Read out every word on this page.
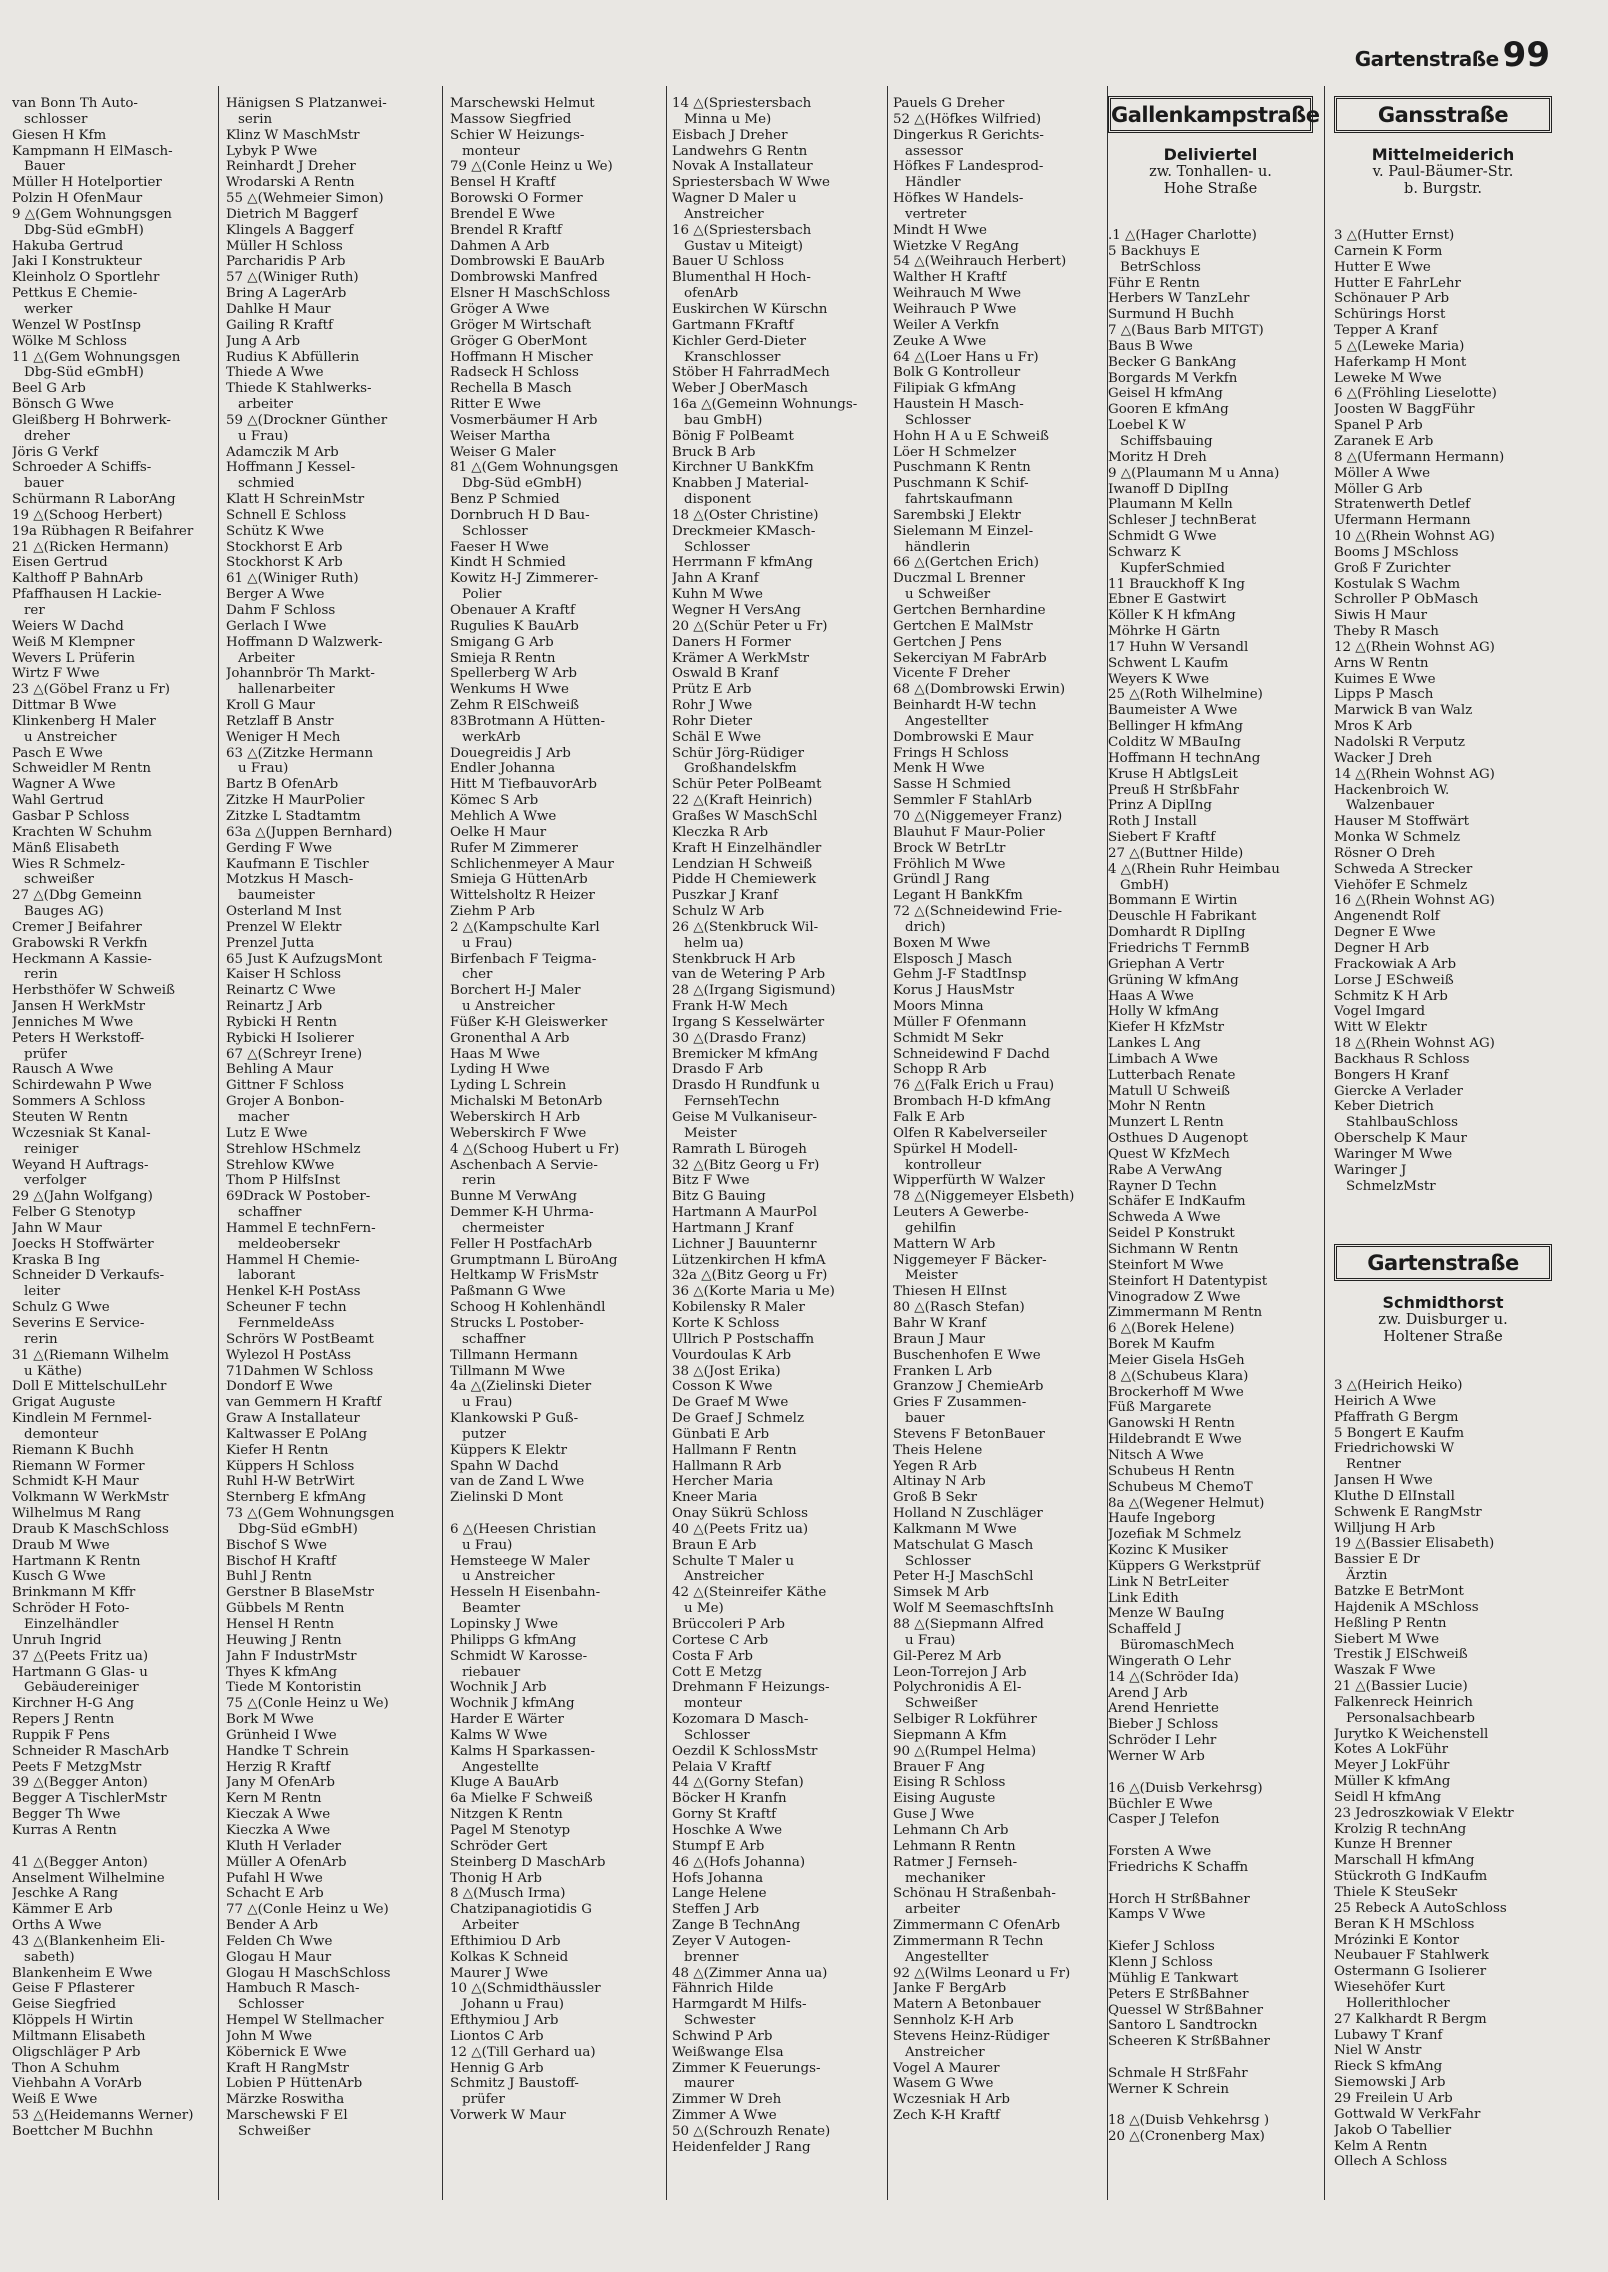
Gartenstraße 99
van Bonn Th Auto-
schlosser
Giesen H Kfm
Kampmann H ElMasch-
Bauer
Müller H Hotelportier
Polzin H OfenMaur
9 △(Gem Wohnungsgen
Dbg-Süd eGmbH)
Hakuba Gertrud
Jaki I Konstrukteur
Kleinholz O Sportlehr
Pettkus E Chemie-
werker
Wenzel W PostInsp
Wölke M Schloss
11 △(Gem Wohnungsgen
Dbg-Süd eGmbH)
Beel G Arb
Bönsch G Wwe
Gleißberg H Bohrwerk-
dreher
Jöris G Verkf
Schroeder A Schiffs-
bauer
Schürmann R LaborAng
19 △(Schoog Herbert)
19a Rübhagen R Beifahrer
21 △(Ricken Hermann)
Eisen Gertrud
Kalthoff P BahnArb
Pfaffhausen H Lackie-
rer
Weiers W Dachd
Weiß M Klempner
Wevers L Prüferin
Wirtz F Wwe
23 △(Göbel Franz u Fr)
Dittmar B Wwe
Klinkenberg H Maler
u Anstreicher
Pasch E Wwe
Schweidler M Rentn
Wagner A Wwe
Wahl Gertrud
Gasbar P Schloss
Krachten W Schuhm
Mänß Elisabeth
Wies R Schmelz-
schweißer
27 △(Dbg Gemeinn
Bauges AG)
Cremer J Beifahrer
Grabowski R Verkfn
Heckmann A Kassie-
rerin
Herbsthöfer W Schweiß
Jansen H WerkMstr
Jenniches M Wwe
Peters H Werkstoff-
prüfer
Rausch A Wwe
Schirdewahn P Wwe
Sommers A Schloss
Steuten W Rentn
Wczesniak St Kanal-
reiniger
Weyand H Auftrags-
verfolger
29 △(Jahn Wolfgang)
Felber G Stenotyp
Jahn W Maur
Joecks H Stoffwärter
Kraska B Ing
Schneider D Verkaufs-
leiter
Schulz G Wwe
Severins E Service-
rerin
31 △(Riemann Wilhelm
u Käthe)
Doll E MittelschulLehr
Grigat Auguste
Kindlein M Fernmel-
demonteur
Riemann K Buchh
Riemann W Former
Schmidt K-H Maur
Volkmann W WerkMstr
Wilhelmus M Rang
Draub K MaschSchloss
Draub M Wwe
Hartmann K Rentn
Kusch G Wwe
Brinkmann M Kffr
Schröder H Foto-
Einzelhändler
Unruh Ingrid
37 △(Peets Fritz ua)
Hartmann G Glas- u
Gebäudereiniger
Kirchner H-G Ang
Repers J Rentn
Ruppik F Pens
Schneider R MaschArb
Peets F MetzgMstr
39 △(Begger Anton)
Begger A TischlerMstr
Begger Th Wwe
Kurras A Rentn
41 △(Begger Anton)
Anselment Wilhelmine
Jeschke A Rang
Kämmer E Arb
Orths A Wwe
43 △(Blankenheim Eli-
sabeth)
Blankenheim E Wwe
Geise F Pflasterer
Geise Siegfried
Klöppels H Wirtin
Miltmann Elisabeth
Oligschläger P Arb
Thon A Schuhm
Viehbahn A VorArb
Weiß E Wwe
53 △(Heidemanns Werner)
Boettcher M Buchhn
Hänigsen S Platzanwei-
serin
Klinz W MaschMstr
Lybyk P Wwe
Reinhardt J Dreher
Wrodarski A Rentn
55 △(Wehmeier Simon)
Dietrich M Baggerf
Klingels A Baggerf
Müller H Schloss
Parcharidis P Arb
57 △(Winiger Ruth)
Bring A LagerArb
Dahlke H Maur
Gailing R Kraftf
Jung A Arb
Rudius K Abfüllerin
Thiede A Wwe
Thiede K Stahlwerks-
arbeiter
59 △(Drockner Günther
u Frau)
Adamczik M Arb
Hoffmann J Kessel-
schmied
Klatt H SchreinMstr
Schnell E Schloss
Schütz K Wwe
Stockhorst E Arb
Stockhorst K Arb
61 △(Winiger Ruth)
Berger A Wwe
Dahm F Schloss
Gerlach I Wwe
Hoffmann D Walzwerk-
Arbeiter
Johannbrör Th Markt-
hallenarbeiter
Kroll G Maur
Retzlaff B Anstr
Weniger H Mech
63 △(Zitzke Hermann
u Frau)
Bartz B OfenArb
Zitzke H MaurPolier
Zitzke L Stadtamtm
63a △(Juppen Bernhard)
Gerding F Wwe
Kaufmann E Tischler
Motzkus H Masch-
baumeister
Osterland M Inst
Prenzel W Elektr
Prenzel Jutta
65 Just K AufzugsMont
Kaiser H Schloss
Reinartz C Wwe
Reinartz J Arb
Rybicki H Rentn
Rybicki H Isolierer
67 △(Schreyr Irene)
Behling A Maur
Gittner F Schloss
Grojer A Bonbon-
macher
Lutz E Wwe
Strehlow HSchmelz
Strehlow KWwe
Thom P HilfsInst
69Drack W Postober-
schaffner
Hammel E technFern-
meldeobersekr
Hammel H Chemie-
laborant
Henkel K-H PostAss
Scheuner F techn
FernmeldeAss
Schrörs W PostBeamt
Wylezol H PostAss
71Dahmen W Schloss
Dondorf E Wwe
van Gemmern H Kraftf
Graw A Installateur
Kaltwasser E PolAng
Kiefer H Rentn
Küppers H Schloss
Ruhl H-W BetrWirt
Sternberg E kfmAng
73 △(Gem Wohnungsgen
Dbg-Süd eGmbH)
Bischof S Wwe
Bischof H Kraftf
Buhl J Rentn
Gerstner B BlaseMstr
Gübbels M Rentn
Hensel H Rentn
Heuwing J Rentn
Jahn F IndustrMstr
Thyes K kfmAng
Tiede M Kontoristin
75 △(Conle Heinz u We)
Bork M Wwe
Grünheid I Wwe
Handke T Schrein
Herzig R Kraftf
Jany M OfenArb
Kern M Rentn
Kieczak A Wwe
Kieczka A Wwe
Kluth H Verlader
Müller A OfenArb
Pufahl H Wwe
Schacht E Arb
77 △(Conle Heinz u We)
Bender A Arb
Felden Ch Wwe
Glogau H Maur
Glogau H MaschSchloss
Hambuch R Masch-
Schlosser
Hempel W Stellmacher
John M Wwe
Köbernick E Wwe
Kraft H RangMstr
Lobien P HüttenArb
Märzke Roswitha
Marschewski F El
Schweißer
Marschewski Helmut
Massow Siegfried
Schier W Heizungs-
monteur
79 △(Conle Heinz u We)
Bensel H Kraftf
Borowski O Former
Brendel E Wwe
Brendel R Kraftf
Dahmen A Arb
Dombrowski E BauArb
Dombrowski Manfred
Elsner H MaschSchloss
Gröger A Wwe
Gröger M Wirtschaft
Gröger G OberMont
Hoffmann H Mischer
Radseck H Schloss
Rechella B Masch
Ritter E Wwe
Vosmerbäumer H Arb
Weiser Martha
Weiser G Maler
81 △(Gem Wohnungsgen
Dbg-Süd eGmbH)
Benz P Schmied
Dornbruch H D Bau-
Schlosser
Faeser H Wwe
Kindt H Schmied
Kowitz H-J Zimmerer-
Polier
Obenauer A Kraftf
Rugulies K BauArb
Smigang G Arb
Smieja R Rentn
Spellerberg W Arb
Wenkums H Wwe
Zehm R ElSchweiß
83Brotmann A Hütten-
werkArb
Douegreidis J Arb
Endler Johanna
Hitt M TiefbauvorArb
Kömec S Arb
Mehlich A Wwe
Oelke H Maur
Rufer M Zimmerer
Schlichenmeyer A Maur
Smieja G HüttenArb
Wittelsholtz R Heizer
Ziehm P Arb
2 △(Kampschulte Karl
u Frau)
Birfenbach F Teigma-
cher
Borchert H-J Maler
u Anstreicher
Füßer K-H Gleiswerker
Gronenthal A Arb
Haas M Wwe
Lyding H Wwe
Lyding L Schrein
Michalski M BetonArb
Weberskirch H Arb
Weberskirch F Wwe
4 △(Schoog Hubert u Fr)
Aschenbach A Servie-
rerin
Bunne M VerwAng
Demmer K-H Uhrma-
chermeister
Feller H PostfachArb
Grumptmann L BüroAng
Heltkamp W FrisMstr
Paßmann G Wwe
Schoog H Kohlenhändl
Strucks L Postober-
schaffner
Tillmann Hermann
Tillmann M Wwe
4a △(Zielinski Dieter
u Frau)
Klankowski P Guß-
putzer
Küppers K Elektr
Spahn W Dachd
van de Zand L Wwe
Zielinski D Mont
6 △(Heesen Christian
u Frau)
Hemsteege W Maler
u Anstreicher
Hesseln H Eisenbahn-
Beamter
Lopinsky J Wwe
Philipps G kfmAng
Schmidt W Karosse-
riebauer
Wochnik J Arb
Wochnik J kfmAng
Harder E Wärter
Kalms W Wwe
Kalms H Sparkassen-
Angestellte
Kluge A BauArb
6a Mielke F Schweiß
Nitzgen K Rentn
Pagel M Stenotyp
Schröder Gert
Steinberg D MaschArb
Thonig H Arb
8 △(Musch Irma)
Chatzipanagiotidis G
Arbeiter
Efthimiou D Arb
Kolkas K Schneid
Maurer J Wwe
10 △(Schmidthäussler
Johann u Frau)
Efthymiou J Arb
Liontos C Arb
12 △(Till Gerhard ua)
Hennig G Arb
Schmitz J Baustoff-
prüfer
Vorwerk W Maur
14 △(Spriestersbach
Minna u Me)
Eisbach J Dreher
Landwehrs G Rentn
Novak A Installateur
Spriestersbach W Wwe
Wagner D Maler u
Anstreicher
16 △(Spriestersbach
Gustav u Miteigt)
Bauer U Schloss
Blumenthal H Hoch-
ofenArb
Euskirchen W Kürschn
Gartmann FKraftf
Kichler Gerd-Dieter
Kranschlosser
Stöber H FahrradMech
Weber J OberMasch
16a △(Gemeinn Wohnungs-
bau GmbH)
Bönig F PolBeamt
Bruck B Arb
Kirchner U BankKfm
Knabben J Material-
disponent
18 △(Oster Christine)
Dreckmeier KMasch-
Schlosser
Herrmann F kfmAng
Jahn A Kranf
Kuhn M Wwe
Wegner H VersAng
20 △(Schür Peter u Fr)
Daners H Former
Krämer A WerkMstr
Oswald B Kranf
Prütz E Arb
Rohr J Wwe
Rohr Dieter
Schäl E Wwe
Schür Jörg-Rüdiger
Großhandelskfm
Schür Peter PolBeamt
22 △(Kraft Heinrich)
Graßes W MaschSchl
Kleczka R Arb
Kraft H Einzelhändler
Lendzian H Schweiß
Pidde H Chemiewerk
Puszkar J Kranf
Schulz W Arb
26 △(Stenkbruck Wil-
helm ua)
Stenkbruck H Arb
van de Wetering P Arb
28 △(Irgang Sigismund)
Frank H-W Mech
Irgang S Kesselwärter
30 △(Drasdo Franz)
Bremicker M kfmAng
Drasdo F Arb
Drasdo H Rundfunk u
FernsehTechn
Geise M Vulkaniseur-
Meister
Ramrath L Bürogeh
32 △(Bitz Georg u Fr)
Bitz F Wwe
Bitz G Bauing
Hartmann A MaurPol
Hartmann J Kranf
Lichner J Bauunternr
Lützenkirchen H kfmA
32a △(Bitz Georg u Fr)
36 △(Korte Maria u Me)
Kobilensky R Maler
Korte K Schloss
Ullrich P Postschaffn
Vourdoulas K Arb
38 △(Jost Erika)
Cosson K Wwe
De Graef M Wwe
De Graef J Schmelz
Günbati E Arb
Hallmann F Rentn
Hallmann R Arb
Hercher Maria
Kneer Maria
Onay Sükrü Schloss
40 △(Peets Fritz ua)
Braun E Arb
Schulte T Maler u
Anstreicher
42 △(Steinreifer Käthe
u Me)
Brüccoleri P Arb
Cortese C Arb
Costa F Arb
Cott E Metzg
Drehmann F Heizungs-
monteur
Kozomara D Masch-
Schlosser
Oezdil K SchlossMstr
Pelaia V Kraftf
44 △(Gorny Stefan)
Böcker H Kranfn
Gorny St Kraftf
Hoschke A Wwe
Stumpf E Arb
46 △(Hofs Johanna)
Hofs Johanna
Lange Helene
Steffen J Arb
Zange B TechnAng
Zeyer V Autogen-
brenner
48 △(Zimmer Anna ua)
Fähnrich Hilde
Harmgardt M Hilfs-
Schwester
Schwind P Arb
Weißwange Elsa
Zimmer K Feuerungs-
maurer
Zimmer W Dreh
Zimmer A Wwe
50 △(Schrouzh Renate)
Heidenfelder J Rang
Pauels G Dreher
52 △(Höfkes Wilfried)
Dingerkus R Gerichts-
assessor
Höfkes F Landesprod-
Händler
Höfkes W Handels-
vertreter
Mindt H Wwe
Wietzke V RegAng
54 △(Weihrauch Herbert)
Walther H Kraftf
Weihrauch M Wwe
Weihrauch P Wwe
Weiler A Verkfn
Zeuke A Wwe
64 △(Loer Hans u Fr)
Bolk G Kontrolleur
Filipiak G kfmAng
Haustein H Masch-
Schlosser
Hohn H A u E Schweiß
Löer H Schmelzer
Puschmann K Rentn
Puschmann K Schif-
fahrtskaufmann
Sarembski J Elektr
Sielemann M Einzel-
händlerin
66 △(Gertchen Erich)
Duczmal L Brenner
u Schweißer
Gertchen Bernhardine
Gertchen E MalMstr
Gertchen J Pens
Sekerciyan M FabrArb
Vicente F Dreher
68 △(Dombrowski Erwin)
Beinhardt H-W techn
Angestellter
Dombrowski E Maur
Frings H Schloss
Menk H Wwe
Sasse H Schmied
Semmler F StahlArb
70 △(Niggemeyer Franz)
Blauhut F Maur-Polier
Brock W BetrLtr
Fröhlich M Wwe
Gründl J Rang
Legant H BankKfm
72 △(Schneidewind Frie-
drich)
Boxen M Wwe
Elsposch J Masch
Gehm J-F StadtInsp
Korus J HausMstr
Moors Minna
Müller F Ofenmann
Schmidt M Sekr
Schneidewind F Dachd
Schopp R Arb
76 △(Falk Erich u Frau)
Brombach H-D kfmAng
Falk E Arb
Olfen R Kabelverseiler
Spürkel H Modell-
kontrolleur
Wipperfürth W Walzer
78 △(Niggemeyer Elsbeth)
Leuters A Gewerbe-
gehilfin
Mattern W Arb
Niggemeyer F Bäcker-
Meister
Thiesen H ElInst
80 △(Rasch Stefan)
Bahr W Kranf
Braun J Maur
Buschenhofen E Wwe
Franken L Arb
Granzow J ChemieArb
Gries F Zusammen-
bauer
Stevens F BetonBauer
Theis Helene
Yegen R Arb
Altinay N Arb
Groß B Sekr
Holland N Zuschläger
Kalkmann M Wwe
Matschulat G Masch
Schlosser
Peter H-J MaschSchl
Simsek M Arb
Wolf M SeemaschftsInh
88 △(Siepmann Alfred
u Frau)
Gil-Perez M Arb
Leon-Torrejon J Arb
Polychronidis A El-
Schweißer
Selbiger R Lokführer
Siepmann A Kfm
90 △(Rumpel Helma)
Brauer F Ang
Eising R Schloss
Eising Auguste
Guse J Wwe
Lehmann Ch Arb
Lehmann R Rentn
Ratmer J Fernseh-
mechaniker
Schönau H Straßenbah-
arbeiter
Zimmermann C OfenArb
Zimmermann R Techn
Angestellter
92 △(Wilms Leonard u Fr)
Janke F BergArb
Matern A Betonbauer
Sennholz K-H Arb
Stevens Heinz-Rüdiger
Anstreicher
Vogel A Maurer
Wasem G Wwe
Wczesniak H Arb
Zech K-H Kraftf
Gallenkampstraße
Deliviertel
zw. Tonhallen- u.
Hohe Straße
.1 △(Hager Charlotte)
5 Backhuys E
BetrSchloss
Führ E Rentn
Herbers W TanzLehr
Surmund H Buchh
7 △(Baus Barb MITGT)
Baus B Wwe
Becker G BankAng
Borgards M Verkfn
Geisel H kfmAng
Gooren E kfmAng
Loebel K W
Schiffsbauing
Moritz H Dreh
9 △(Plaumann M u Anna)
Iwanoff D DiplIng
Plaumann M Kelln
Schleser J technBerat
Schmidt G Wwe
Schwarz K
KupferSchmied
11 Brauckhoff K Ing
Ebner E Gastwirt
Köller K H kfmAng
Möhrke H Gärtn
17 Huhn W Versandl
Schwent L Kaufm
Weyers K Wwe
25 △(Roth Wilhelmine)
Baumeister A Wwe
Bellinger H kfmAng
Colditz W MBauIng
Hoffmann H technAng
Kruse H AbtlgsLeit
Preuß H StrßbFahr
Prinz A DiplIng
Roth J Install
Siebert F Kraftf
27 △(Buttner Hilde)
4 △(Rhein Ruhr Heimbau
GmbH)
Bommann E Wirtin
Deuschle H Fabrikant
Domhardt R DiplIng
Friedrichs T FernmB
Griephan A Vertr
Grüning W kfmAng
Haas A Wwe
Holly W kfmAng
Kiefer H KfzMstr
Lankes L Ang
Limbach A Wwe
Lutterbach Renate
Matull U Schweiß
Mohr N Rentn
Munzert L Rentn
Osthues D Augenopt
Quest W KfzMech
Rabe A VerwAng
Rayner D Techn
Schäfer E IndKaufm
Schweda A Wwe
Seidel P Konstrukt
Sichmann W Rentn
Steinfort M Wwe
Steinfort H Datentypist
Vinogradow Z Wwe
Zimmermann M Rentn
6 △(Borek Helene)
Borek M Kaufm
Meier Gisela HsGeh
8 △(Schubeus Klara)
Brockerhoff M Wwe
Füß Margarete
Ganowski H Rentn
Hildebrandt E Wwe
Nitsch A Wwe
Schubeus H Rentn
Schubeus M ChemoT
8a △(Wegener Helmut)
Haufe Ingeborg
Jozefiak M Schmelz
Kozinc K Musiker
Küppers G Werkstprüf
Link N BetrLeiter
Link Edith
Menze W BauIng
Schaffeld J
BüromaschMech
Wingerath O Lehr
14 △(Schröder Ida)
Arend J Arb
Arend Henriette
Bieber J Schloss
Schröder I Lehr
Werner W Arb
16 △(Duisb Verkehrsg)
Büchler E Wwe
Casper J Telefon
Forsten A Wwe
Friedrichs K Schaffn
Horch H StrßBahner
Kamps V Wwe
Kiefer J Schloss
Klenn J Schloss
Mühlig E Tankwart
Peters E StrßBahner
Quessel W StrßBahner
Santoro L Sandtrockn
Scheeren K StrßBahner
Schmale H StrßFahr
Werner K Schrein
18 △(Duisb Vehkehrsg )
20 △(Cronenberg Max)
Gansstraße
Mittelmeiderich
v. Paul-Bäumer-Str.
b. Burgstr.
3 △(Hutter Ernst)
Carnein K Form
Hutter E Wwe
Hutter E FahrLehr
Schönauer P Arb
Schürings Horst
Tepper A Kranf
5 △(Leweke Maria)
Haferkamp H Mont
Leweke M Wwe
6 △(Fröhling Lieselotte)
Joosten W BaggFühr
Spanel P Arb
Zaranek E Arb
8 △(Ufermann Hermann)
Möller A Wwe
Möller G Arb
Stratenwerth Detlef
Ufermann Hermann
10 △(Rhein Wohnst AG)
Booms J MSchloss
Groß F Zurichter
Kostulak S Wachm
Schroller P ObMasch
Siwis H Maur
Theby R Masch
12 △(Rhein Wohnst AG)
Arns W Rentn
Kuimes E Wwe
Lipps P Masch
Marwick B van Walz
Mros K Arb
Nadolski R Verputz
Wacker J Dreh
14 △(Rhein Wohnst AG)
Hackenbroich W.
Walzenbauer
Hauser M Stoffwärt
Monka W Schmelz
Rösner O Dreh
Schweda A Strecker
Viehöfer E Schmelz
16 △(Rhein Wohnst AG)
Angenendt Rolf
Degner E Wwe
Degner H Arb
Frackowiak A Arb
Lorse J ESchweiß
Schmitz K H Arb
Vogel Imgard
Witt W Elektr
18 △(Rhein Wohnst AG)
Backhaus R Schloss
Bongers H Kranf
Giercke A Verlader
Keber Dietrich
StahlbauSchloss
Oberschelp K Maur
Waringer M Wwe
Waringer J
SchmelzMstr
Gartenstraße
Schmidthorst
zw. Duisburger u.
Holtener Straße
3 △(Heirich Heiko)
Heirich A Wwe
Pfaffrath G Bergm
5 Bongert E Kaufm
Friedrichowski W
Rentner
Jansen H Wwe
Kluthe D ElInstall
Schwenk E RangMstr
Willjung H Arb
19 △(Bassier Elisabeth)
Bassier E Dr
Ärztin
Batzke E BetrMont
Hajdenik A MSchloss
Heßling P Rentn
Siebert M Wwe
Trestik J ElSchweiß
Waszak F Wwe
21 △(Bassier Lucie)
Falkenreck Heinrich
Personalsachbearb
Jurytko K Weichenstell
Kotes A LokFühr
Meyer J LokFühr
Müller K kfmAng
Seidl H kfmAng
23 Jedroszkowiak V Elektr
Krolzig R technAng
Kunze H Brenner
Marschall H kfmAng
Stückroth G IndKaufm
Thiele K SteuSekr
25 Rebeck A AutoSchloss
Beran K H MSchloss
Mrózinki E Kontor
Neubauer F Stahlwerk
Ostermann G Isolierer
Wiesehöfer Kurt
Hollerithlocher
27 Kalkhardt R Bergm
Lubawy T Kranf
Niel W Anstr
Rieck S kfmAng
Siemowski J Arb
29 Freilein U Arb
Gottwald W VerkFahr
Jakob O Tabellier
Kelm A Rentn
Ollech A Schloss
